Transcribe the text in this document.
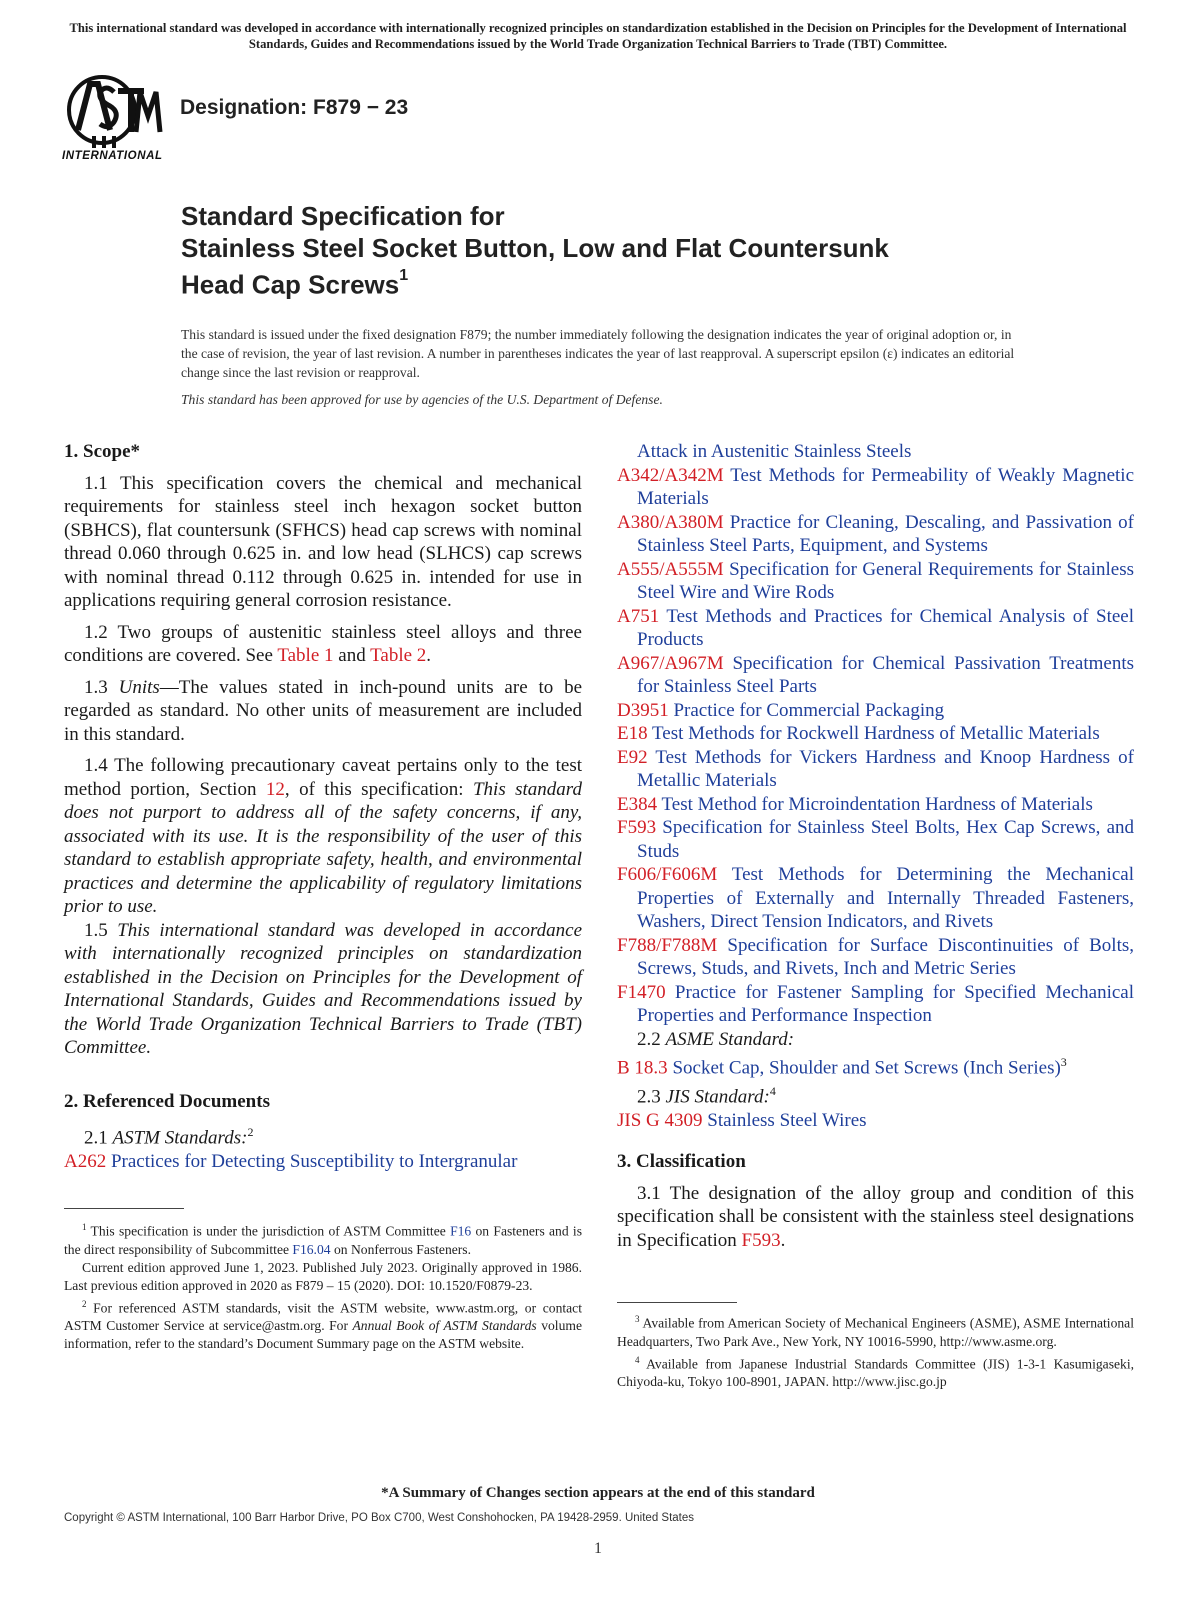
This international standard was developed in accordance with internationally recognized principles on standardization established in the Decision on Principles for the Development of International Standards, Guides and Recommendations issued by the World Trade Organization Technical Barriers to Trade (TBT) Committee.
INTERNATIONAL
Designation: F879 − 23
Standard Specification for
Stainless Steel Socket Button, Low and Flat Countersunk
Head Cap Screws$^1$
This standard is issued under the fixed designation F879; the number immediately following the designation indicates the year of original adoption or, in the case of revision, the year of last revision. A number in parentheses indicates the year of last reapproval. A superscript epsilon (ε) indicates an editorial change since the last revision or reapproval.
This standard has been approved for use by agencies of the U.S. Department of Defense.

1. Scope*

1.1 This specification covers the chemical and mechanical requirements for stainless steel inch hexagon socket button (SBHCS), flat countersunk (SFHCS) head cap screws with nominal thread 0.060 through 0.625 in. and low head (SLHCS) cap screws with nominal thread 0.112 through 0.625 in. intended for use in applications requiring general corrosion resistance.

1.2 Two groups of austenitic stainless steel alloys and three conditions are covered. See Table 1 and Table 2.

1.3 Units—The values stated in inch-pound units are to be regarded as standard. No other units of measurement are included in this standard.

1.4 The following precautionary caveat pertains only to the test method portion, Section 12, of this specification: This standard does not purport to address all of the safety concerns, if any, associated with its use. It is the responsibility of the user of this standard to establish appropriate safety, health, and environmental practices and determine the applicability of regulatory limitations prior to use.

1.5 This international standard was developed in accordance with internationally recognized principles on standardization established in the Decision on Principles for the Development of International Standards, Guides and Recommendations issued by the World Trade Organization Technical Barriers to Trade (TBT) Committee.

2. Referenced Documents

2.1 ASTM Standards:$^2$

A262 Practices for Detecting Susceptibility to Intergranular

$^1$ This specification is under the jurisdiction of ASTM Committee F16 on Fasteners and is the direct responsibility of Subcommittee F16.04 on Nonferrous Fasteners.

Current edition approved June 1, 2023. Published July 2023. Originally approved in 1986. Last previous edition approved in 2020 as F879 – 15 (2020). DOI: 10.1520/F0879-23.

$^2$ For referenced ASTM standards, visit the ASTM website, www.astm.org, or contact ASTM Customer Service at service@astm.org. For Annual Book of ASTM Standards volume information, refer to the standard’s Document Summary page on the ASTM website.

Attack in Austenitic Stainless Steels

A342/A342M Test Methods for Permeability of Weakly Magnetic Materials

A380/A380M Practice for Cleaning, Descaling, and Passivation of Stainless Steel Parts, Equipment, and Systems

A555/A555M Specification for General Requirements for Stainless Steel Wire and Wire Rods

A751 Test Methods and Practices for Chemical Analysis of Steel Products

A967/A967M Specification for Chemical Passivation Treatments for Stainless Steel Parts

D3951 Practice for Commercial Packaging

E18 Test Methods for Rockwell Hardness of Metallic Materials

E92 Test Methods for Vickers Hardness and Knoop Hardness of Metallic Materials

E384 Test Method for Microindentation Hardness of Materials

F593 Specification for Stainless Steel Bolts, Hex Cap Screws, and Studs

F606/F606M Test Methods for Determining the Mechanical Properties of Externally and Internally Threaded Fasteners, Washers, Direct Tension Indicators, and Rivets

F788/F788M Specification for Surface Discontinuities of Bolts, Screws, Studs, and Rivets, Inch and Metric Series

F1470 Practice for Fastener Sampling for Specified Mechanical Properties and Performance Inspection

2.2 ASME Standard:

B 18.3 Socket Cap, Shoulder and Set Screws (Inch Series)$^3$

2.3 JIS Standard:$^4$

JIS G 4309 Stainless Steel Wires

3. Classification

3.1 The designation of the alloy group and condition of this specification shall be consistent with the stainless steel designations in Specification F593.

$^3$ Available from American Society of Mechanical Engineers (ASME), ASME International Headquarters, Two Park Ave., New York, NY 10016-5990, http://www.asme.org.

$^4$ Available from Japanese Industrial Standards Committee (JIS) 1-3-1 Kasumigaseki, Chiyoda-ku, Tokyo 100-8901, JAPAN. http://www.jisc.go.jp

*A Summary of Changes section appears at the end of this standard
Copyright © ASTM International, 100 Barr Harbor Drive, PO Box C700, West Conshohocken, PA 19428-2959. United States
1
